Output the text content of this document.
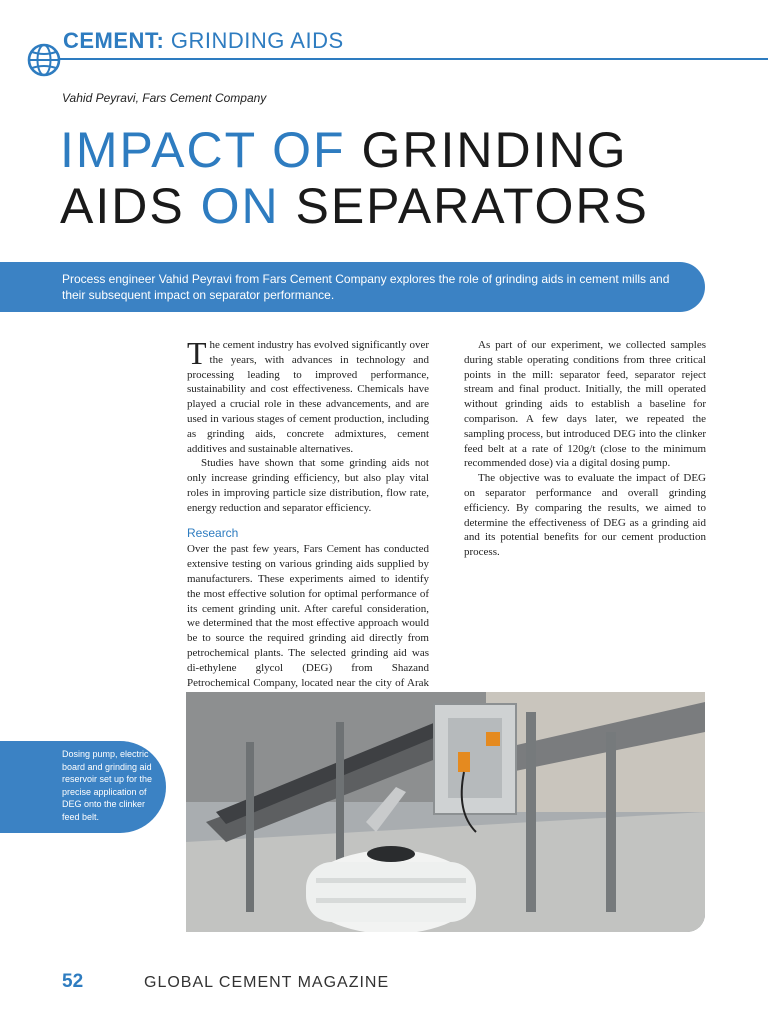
CEMENT: GRINDING AIDS
Vahid Peyravi, Fars Cement Company
IMPACT OF GRINDING
AIDS ON SEPARATORS
Process engineer Vahid Peyravi from Fars Cement Company explores the role of grinding aids in cement mills and their subsequent impact on separator performance.

The cement industry has evolved significantly over the years, with advances in technology and processing leading to improved performance, sustainability and cost effectiveness. Chemicals have played a crucial role in these advancements, and are used in various stages of cement production, including as grinding aids, concrete admixtures, cement additives and sustainable alternatives.

Studies have shown that some grinding aids not only increase grinding efficiency, but also play vital roles in improving particle size distribution, flow rate, energy reduction and separator efficiency.

Research

Over the past few years, Fars Cement has conducted extensive testing on various grinding aids supplied by manufacturers. These experiments aimed to identify the most effective solution for optimal performance of its cement grinding unit. After careful consideration, we determined that the most effective approach would be to source the required grinding aid directly from petrochemical plants. The selected grinding aid was di-ethylene glycol (DEG) from Shazand Petrochemical Company, located near the city of Arak

As part of our experiment, we collected samples during stable operating conditions from three critical points in the mill: separator feed, separator reject stream and final product. Initially, the mill operated without grinding aids to establish a baseline for comparison. A few days later, we repeated the sampling process, but introduced DEG into the clinker feed belt at a rate of 120g/t (close to the minimum recommended dose) via a digital dosing pump.

The objective was to evaluate the impact of DEG on separator performance and overall grinding efficiency. By comparing the results, we aimed to determine the effectiveness of DEG as a grinding aid and its potential benefits for our cement production process.

Dosing pump, electric board and grinding aid reservoir set up for the precise application of DEG onto the clinker feed belt.
52	GLOBAL CEMENT MAGAZINE
